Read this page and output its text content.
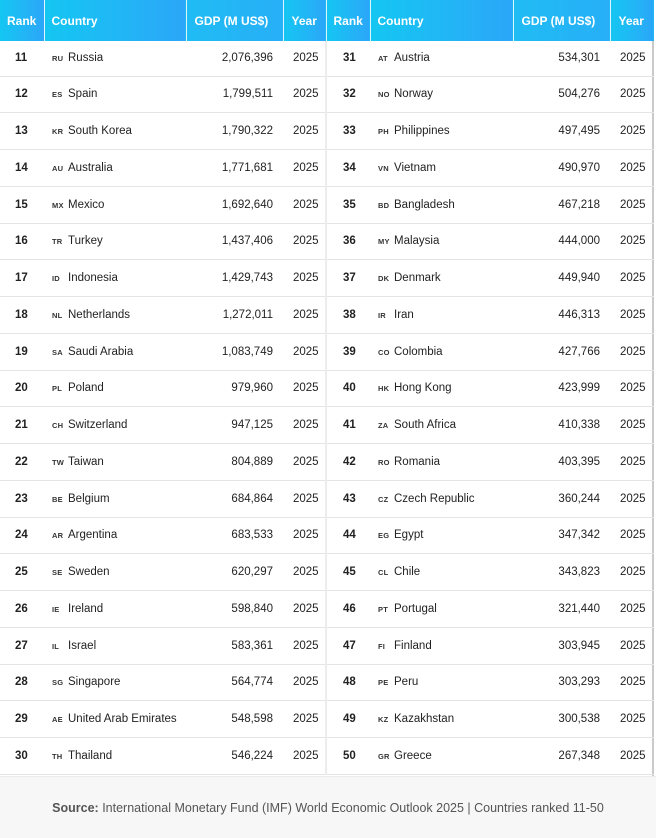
Rank	Country	GDP (M US$)	Year	Rank	Country	GDP (M US$)	Year
11	RU Russia	2,076,396	2025	31	AT Austria	534,301	2025
12	ES Spain	1,799,511	2025	32	NO Norway	504,276	2025
13	KR South Korea	1,790,322	2025	33	PH Philippines	497,495	2025
14	AU Australia	1,771,681	2025	34	VN Vietnam	490,970	2025
15	MX Mexico	1,692,640	2025	35	BD Bangladesh	467,218	2025
16	TR Turkey	1,437,406	2025	36	MY Malaysia	444,000	2025
17	ID Indonesia	1,429,743	2025	37	DK Denmark	449,940	2025
18	NL Netherlands	1,272,011	2025	38	IR Iran	446,313	2025
19	SA Saudi Arabia	1,083,749	2025	39	CO Colombia	427,766	2025
20	PL Poland	979,960	2025	40	HK Hong Kong	423,999	2025
21	CH Switzerland	947,125	2025	41	ZA South Africa	410,338	2025
22	TW Taiwan	804,889	2025	42	RO Romania	403,395	2025
23	BE Belgium	684,864	2025	43	CZ Czech Republic	360,244	2025
24	AR Argentina	683,533	2025	44	EG Egypt	347,342	2025
25	SE Sweden	620,297	2025	45	CL Chile	343,823	2025
26	IE Ireland	598,840	2025	46	PT Portugal	321,440	2025
27	IL Israel	583,361	2025	47	FI Finland	303,945	2025
28	SG Singapore	564,774	2025	48	PE Peru	303,293	2025
29	AE United Arab Emirates	548,598	2025	49	KZ Kazakhstan	300,538	2025
30	TH Thailand	546,224	2025	50	GR Greece	267,348	2025
Source: International Monetary Fund (IMF) World Economic Outlook 2025 | Countries ranked 11-50
